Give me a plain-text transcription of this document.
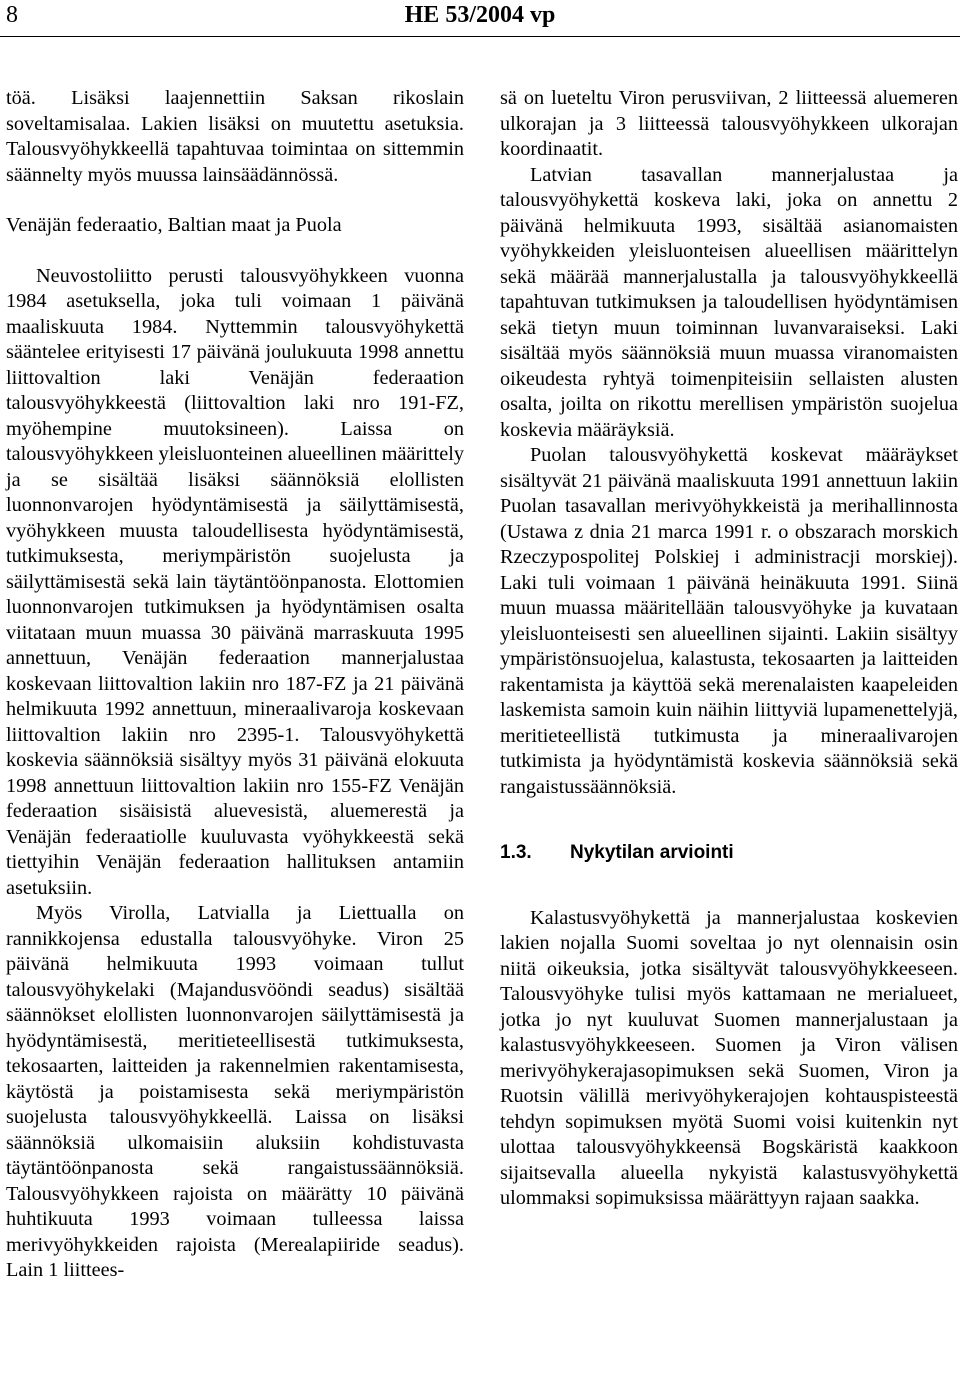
8	HE 53/2004 vp

töä. Lisäksi laajennettiin Saksan rikoslain soveltamisalaa. Lakien lisäksi on muutettu asetuksia. Talousvyöhykkeellä tapahtuvaa toimintaa on sittemmin säännelty myös muussa lainsäädännössä.

Venäjän federaatio, Baltian maat ja Puola

Neuvostoliitto perusti talousvyöhykkeen vuonna 1984 asetuksella, joka tuli voimaan 1 päivänä maaliskuuta 1984. Nyttemmin talousvyöhykettä sääntelee erityisesti 17 päivänä joulukuuta 1998 annettu liittovaltion laki Venäjän federaation talousvyöhykkeestä (liittovaltion laki nro 191-FZ, myöhempine muutoksineen). Laissa on talousvyöhykkeen yleisluonteinen alueellinen määrittely ja se sisältää lisäksi säännöksiä elollisten luonnonvarojen hyödyntämisestä ja säilyttämisestä, vyöhykkeen muusta taloudellisesta hyödyntämisestä, tutkimuksesta, meriympäristön suojelusta ja säilyttämisestä sekä lain täytäntöönpanosta. Elottomien luonnonvarojen tutkimuksen ja hyödyntämisen osalta viitataan muun muassa 30 päivänä marraskuuta 1995 annettuun, Venäjän federaation mannerjalustaa koskevaan liittovaltion lakiin nro 187-FZ ja 21 päivänä helmikuuta 1992 annettuun, mineraalivaroja koskevaan liittovaltion lakiin nro 2395-1. Talousvyöhykettä koskevia säännöksiä sisältyy myös 31 päivänä elokuuta 1998 annettuun liittovaltion lakiin nro 155-FZ Venäjän federaation sisäisistä aluevesistä, aluemerestä ja Venäjän federaatiolle kuuluvasta vyöhykkeestä sekä tiettyihin Venäjän federaation hallituksen antamiin asetuksiin.

Myös Virolla, Latvialla ja Liettualla on rannikkojensa edustalla talousvyöhyke. Viron 25 päivänä helmikuuta 1993 voimaan tullut talousvyöhykelaki (Majandusvööndi seadus) sisältää säännökset elollisten luonnonvarojen säilyttämisestä ja hyödyntämisestä, meritieteellisestä tutkimuksesta, tekosaarten, laitteiden ja rakennelmien rakentamisesta, käytöstä ja poistamisesta sekä meriympäristön suojelusta talousvyöhykkeellä. Laissa on lisäksi säännöksiä ulkomaisiin aluksiin kohdistuvasta täytäntöönpanosta sekä rangaistussäännöksiä. Talousvyöhykkeen rajoista on määrätty 10 päivänä huhtikuuta 1993 voimaan tulleessa laissa merivyöhykkeiden rajoista (Merealapiiride seadus). Lain 1 liittees-

sä on lueteltu Viron perusviivan, 2 liitteessä aluemeren ulkorajan ja 3 liitteessä talousvyöhykkeen ulkorajan koordinaatit.

Latvian tasavallan mannerjalustaa ja talousvyöhykettä koskeva laki, joka on annettu 2 päivänä helmikuuta 1993, sisältää asianomaisten vyöhykkeiden yleisluonteisen alueellisen määrittelyn sekä määrää mannerjalustalla ja talousvyöhykkeellä tapahtuvan tutkimuksen ja taloudellisen hyödyntämisen sekä tietyn muun toiminnan luvanvaraiseksi. Laki sisältää myös säännöksiä muun muassa viranomaisten oikeudesta ryhtyä toimenpiteisiin sellaisten alusten osalta, joilta on rikottu merellisen ympäristön suojelua koskevia määräyksiä.

Puolan talousvyöhykettä koskevat määräykset sisältyvät 21 päivänä maaliskuuta 1991 annettuun lakiin Puolan tasavallan merivyöhykkeistä ja merihallinnosta (Ustawa z dnia 21 marca 1991 r. o obszarach morskich Rzeczypospolitej Polskiej i administracji morskiej). Laki tuli voimaan 1 päivänä heinäkuuta 1991. Siinä muun muassa määritellään talousvyöhyke ja kuvataan yleisluonteisesti sen alueellinen sijainti. Lakiin sisältyy ympäristönsuojelua, kalastusta, tekosaarten ja laitteiden rakentamista ja käyttöä sekä merenalaisten kaapeleiden laskemista samoin kuin näihin liittyviä lupamenettelyjä, meritieteellistä tutkimusta ja mineraalivarojen tutkimista ja hyödyntämistä koskevia säännöksiä sekä rangaistussäännöksiä.

1.3. Nykytilan arviointi

Kalastusvyöhykettä ja mannerjalustaa koskevien lakien nojalla Suomi soveltaa jo nyt olennaisin osin niitä oikeuksia, jotka sisältyvät talousvyöhykkeeseen. Talousvyöhyke tulisi myös kattamaan ne merialueet, jotka jo nyt kuuluvat Suomen mannerjalustaan ja kalastusvyöhykkeeseen. Suomen ja Viron välisen merivyöhykerajasopimuksen sekä Suomen, Viron ja Ruotsin välillä merivyöhykerajojen kohtauspisteestä tehdyn sopimuksen myötä Suomi voisi kuitenkin nyt ulottaa talousvyöhykkeensä Bogskäristä kaakkoon sijaitsevalla alueella nykyistä kalastusvyöhykettä ulommaksi sopimuksissa määrättyyn rajaan saakka.
